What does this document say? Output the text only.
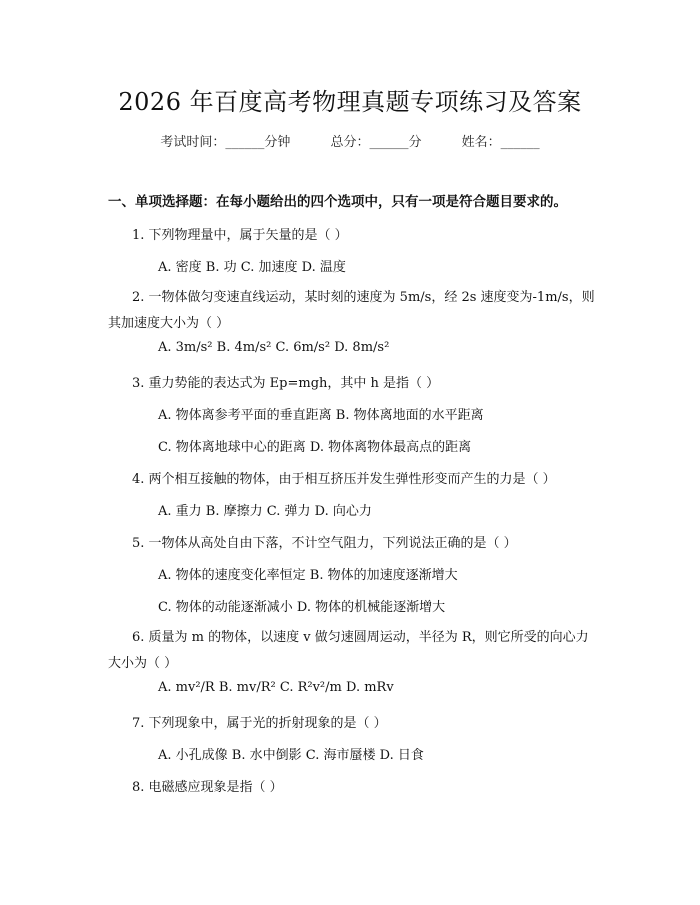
2026 年百度高考物理真题专项练习及答案
考试时间：______分钟	总分：______分	姓名：______
一、单项选择题：在每小题给出的四个选项中，只有一项是符合题目要求的。
1. 下列物理量中，属于矢量的是（ ）
A. 密度 B. 功 C. 加速度 D. 温度
2. 一物体做匀变速直线运动，某时刻的速度为 5m/s，经 2s 速度变为-1m/s，则其加速度大小为（ ）
A. 3m/s² B. 4m/s² C. 6m/s² D. 8m/s²
3. 重力势能的表达式为 Ep=mgh，其中 h 是指（ ）
A. 物体离参考平面的垂直距离 B. 物体离地面的水平距离
C. 物体离地球中心的距离 D. 物体离物体最高点的距离
4. 两个相互接触的物体，由于相互挤压并发生弹性形变而产生的力是（ ）
A. 重力 B. 摩擦力 C. 弹力 D. 向心力
5. 一物体从高处自由下落，不计空气阻力，下列说法正确的是（ ）
A. 物体的速度变化率恒定 B. 物体的加速度逐渐增大
C. 物体的动能逐渐减小 D. 物体的机械能逐渐增大
6. 质量为 m 的物体，以速度 v 做匀速圆周运动，半径为 R，则它所受的向心力大小为（ ）
A. mv²/R B. mv/R² C. R²v²/m D. mRv
7. 下列现象中，属于光的折射现象的是（ ）
A. 小孔成像 B. 水中倒影 C. 海市蜃楼 D. 日食
8. 电磁感应现象是指（ ）
